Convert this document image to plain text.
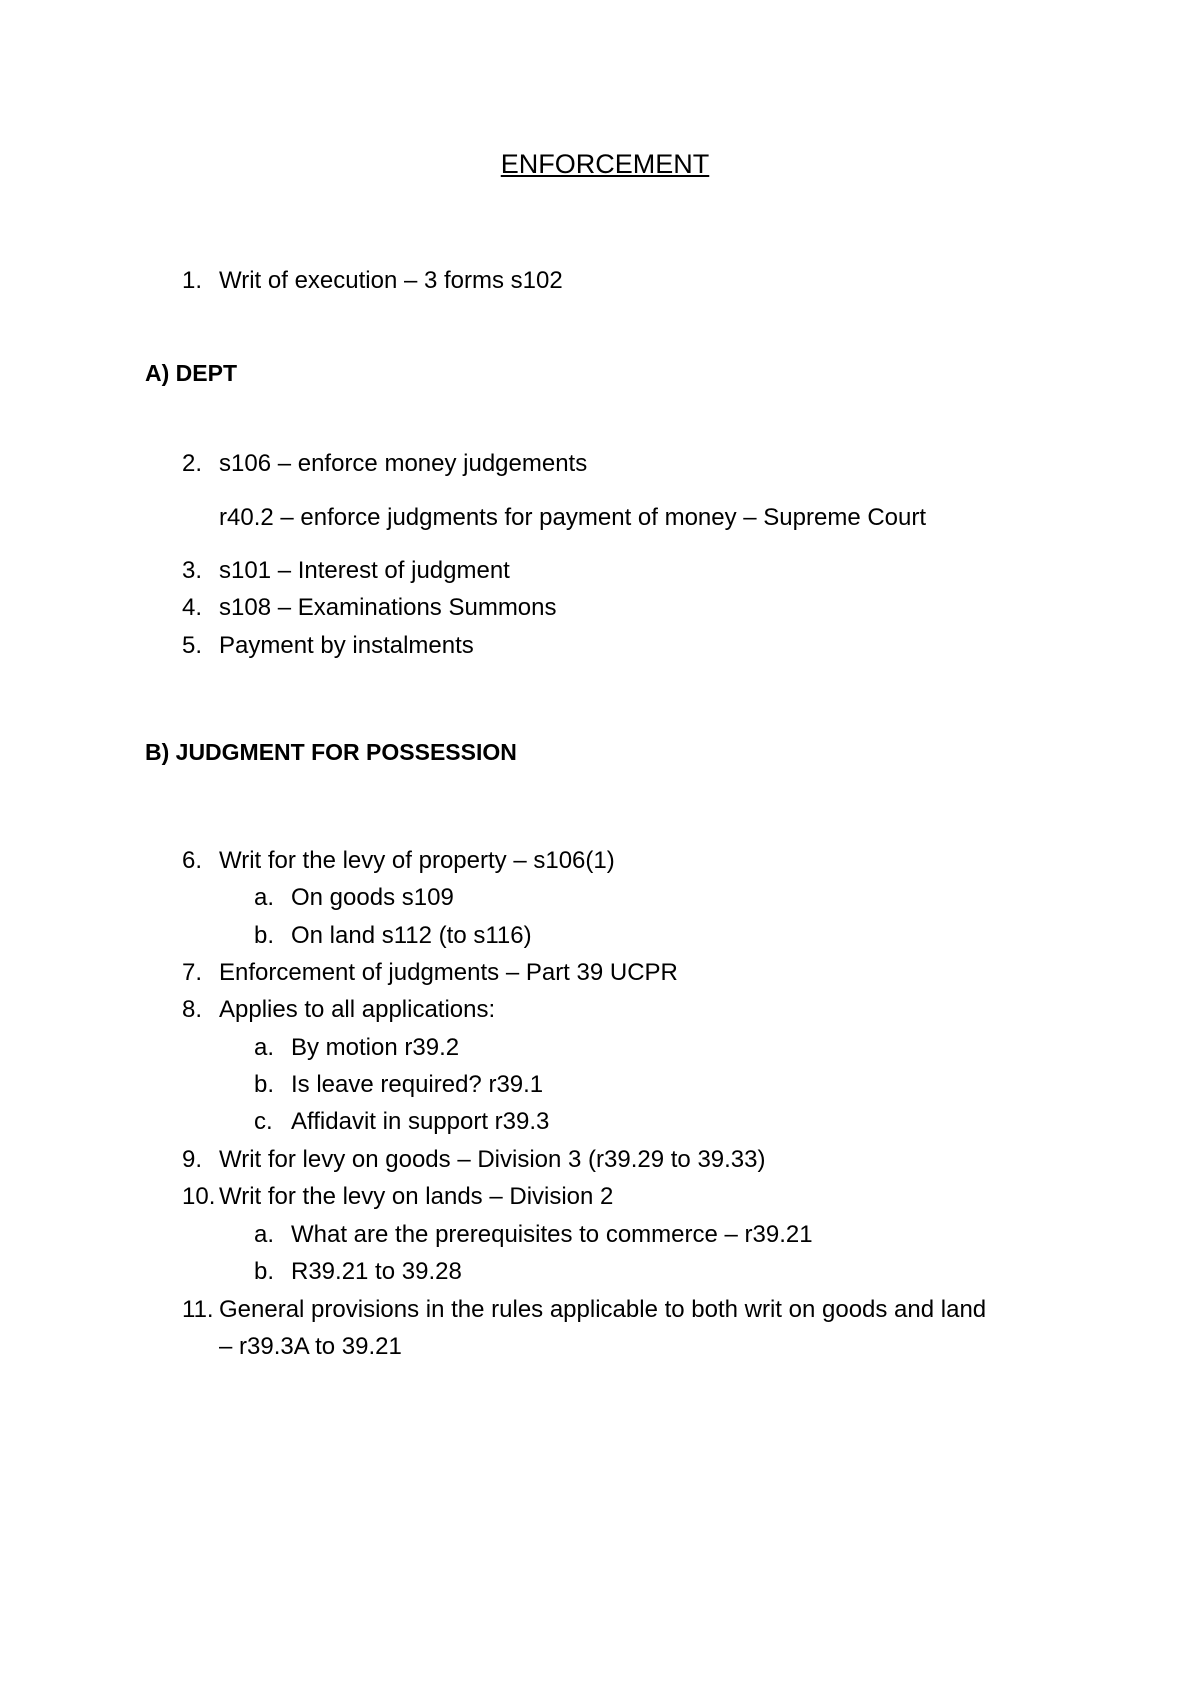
ENFORCEMENT
1. Writ of execution – 3 forms s102
A) DEPT
2. s106 – enforce money judgements
r40.2 – enforce judgments for payment of money – Supreme Court
3. s101 – Interest of judgment
4. s108 – Examinations Summons
5. Payment by instalments
B) JUDGMENT FOR POSSESSION
6. Writ for the levy of property – s106(1)
a. On goods s109
b. On land s112 (to s116)
7. Enforcement of judgments – Part 39 UCPR
8. Applies to all applications:
a. By motion r39.2
b. Is leave required? r39.1
c. Affidavit in support r39.3
9. Writ for levy on goods – Division 3 (r39.29 to 39.33)
10. Writ for the levy on lands – Division 2
a. What are the prerequisites to commerce – r39.21
b. R39.21 to 39.28
11. General provisions in the rules applicable to both writ on goods and land
– r39.3A to 39.21
